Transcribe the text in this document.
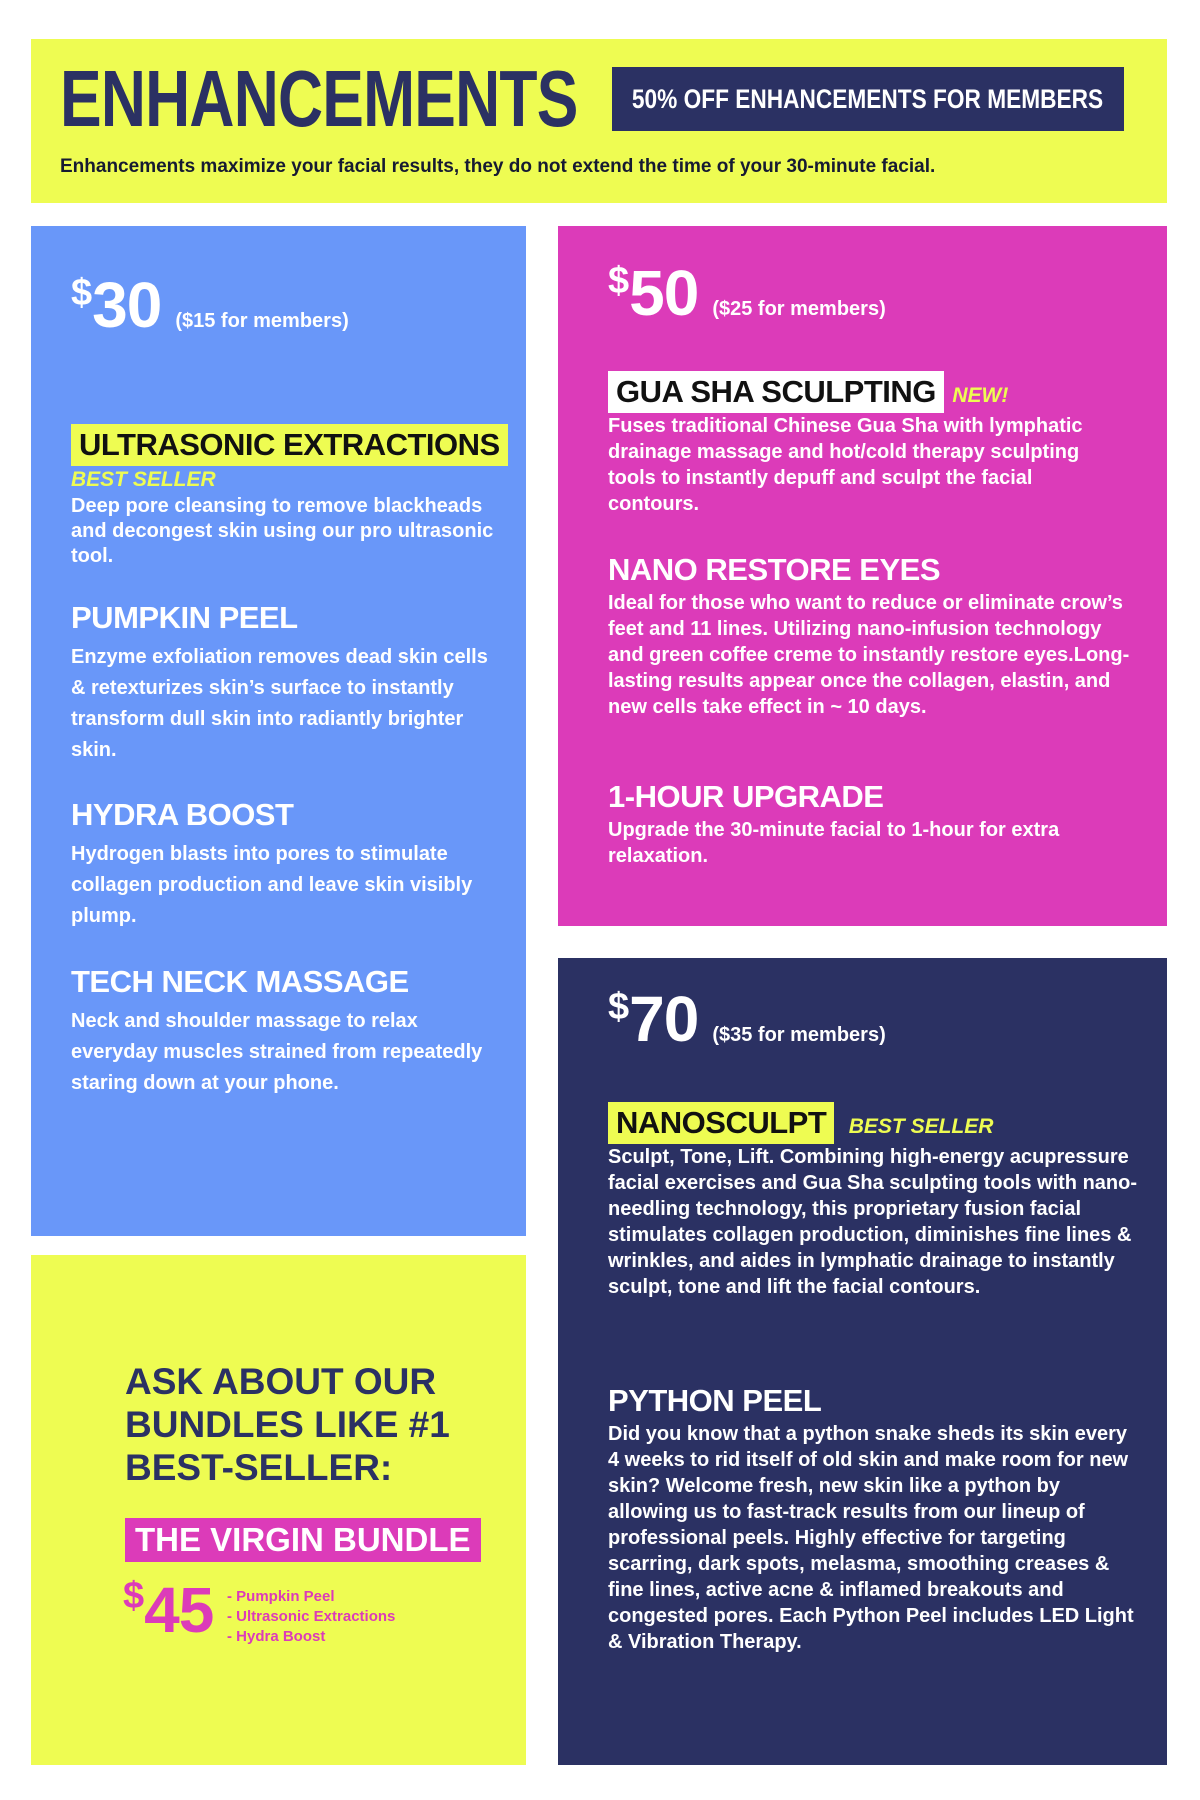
ENHANCEMENTS 50% OFF ENHANCEMENTS FOR MEMBERS

Enhancements maximize your facial results, they do not extend the time of your 30-minute facial.

$30 ($15 for members)
ULTRASONIC EXTRACTIONS
BEST SELLER

Deep pore cleansing to remove blackheads and decongest skin using our pro ultrasonic tool.

PUMPKIN PEEL

Enzyme exfoliation removes dead skin cells & retexturizes skin’s surface to instantly transform dull skin into radiantly brighter skin.

HYDRA BOOST

Hydrogen blasts into pores to stimulate collagen production and leave skin visibly plump.

TECH NECK MASSAGE

Neck and shoulder massage to relax everyday muscles strained from repeatedly staring down at your phone.

$50 ($25 for members)
GUA SHA SCULPTING NEW!

Fuses traditional Chinese Gua Sha with lymphatic drainage massage and hot/cold therapy sculpting tools to instantly depuff and sculpt the facial contours.

NANO RESTORE EYES

Ideal for those who want to reduce or eliminate crow’s feet and 11 lines. Utilizing nano-infusion technology and green coffee creme to instantly restore eyes.Long-lasting results appear once the collagen, elastin, and new cells take effect in ~ 10 days.

1-HOUR UPGRADE

Upgrade the 30-minute facial to 1-hour for extra relaxation.

$70 ($35 for members)
NANOSCULPT BEST SELLER

Sculpt, Tone, Lift. Combining high-energy acupressure facial exercises and Gua Sha sculpting tools with nano-needling technology, this proprietary fusion facial stimulates collagen production, diminishes fine lines & wrinkles, and aides in lymphatic drainage to instantly sculpt, tone and lift the facial contours.

PYTHON PEEL

Did you know that a python snake sheds its skin every 4 weeks to rid itself of old skin and make room for new skin? Welcome fresh, new skin like a python by allowing us to fast-track results from our lineup of professional peels. Highly effective for targeting scarring, dark spots, melasma, smoothing creases & fine lines, active acne & inflamed breakouts and congested pores. Each Python Peel includes LED Light & Vibration Therapy.

ASK ABOUT OUR BUNDLES LIKE #1 BEST-SELLER:
THE VIRGIN BUNDLE
$45 - Pumpkin Peel
- Ultrasonic Extractions
- Hydra Boost
